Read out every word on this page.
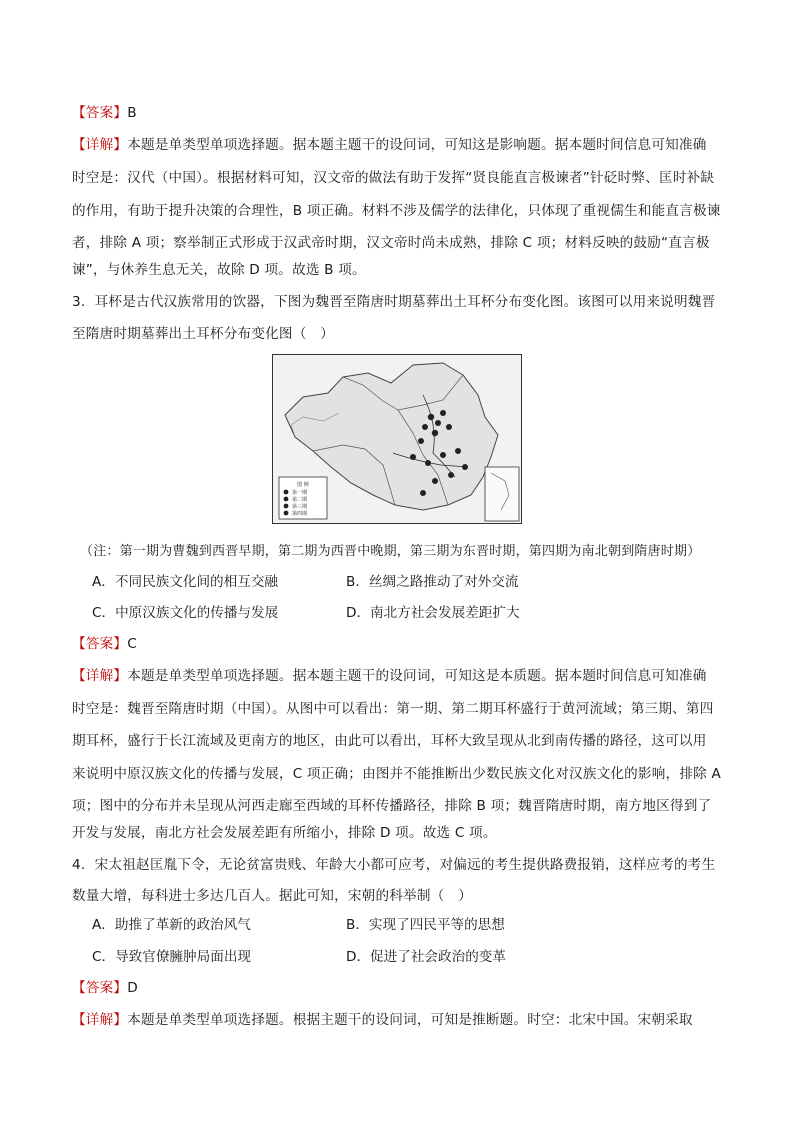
【答案】B
【详解】本题是单类型单项选择题。据本题主题干的设问词，可知这是影响题。据本题时间信息可知准确
时空是：汉代（中国）。根据材料可知，汉文帝的做法有助于发挥“贤良能直言极谏者”针砭时弊、匡时补缺
的作用，有助于提升决策的合理性，B 项正确。材料不涉及儒学的法律化，只体现了重视儒生和能直言极谏
者，排除 A 项；察举制正式形成于汉武帝时期，汉文帝时尚未成熟，排除 C 项；材料反映的鼓励“直言极
谏”，与休养生息无关，故除 D 项。故选 B 项。
3．耳杯是古代汉族常用的饮器，下图为魏晋至隋唐时期墓葬出土耳杯分布变化图。该图可以用来说明魏晋
至隋唐时期墓葬出土耳杯分布变化图（　）
图 例
第一期
第二期
第三期
第四期
（注：第一期为曹魏到西晋早期，第二期为西晋中晚期，第三期为东晋时期，第四期为南北朝到隋唐时期）
A．不同民族文化间的相互交融	B．丝绸之路推动了对外交流
C．中原汉族文化的传播与发展	D．南北方社会发展差距扩大
【答案】C
【详解】本题是单类型单项选择题。据本题主题干的设问词，可知这是本质题。据本题时间信息可知准确
时空是：魏晋至隋唐时期（中国）。从图中可以看出：第一期、第二期耳杯盛行于黄河流域；第三期、第四
期耳杯，盛行于长江流域及更南方的地区，由此可以看出，耳杯大致呈现从北到南传播的路径，这可以用
来说明中原汉族文化的传播与发展，C 项正确；由图并不能推断出少数民族文化对汉族文化的影响，排除 A
项；图中的分布并未呈现从河西走廊至西域的耳杯传播路径，排除 B 项；魏晋隋唐时期，南方地区得到了
开发与发展，南北方社会发展差距有所缩小，排除 D 项。故选 C 项。
4．宋太祖赵匡胤下令，无论贫富贵贱、年龄大小都可应考，对偏远的考生提供路费报销，这样应考的考生
数量大增，每科进士多达几百人。据此可知，宋朝的科举制（　）
A．助推了革新的政治风气	B．实现了四民平等的思想
C．导致官僚臃肿局面出现	D．促进了社会政治的变革
【答案】D
【详解】本题是单类型单项选择题。根据主题干的设问词，可知是推断题。时空：北宋中国。宋朝采取
